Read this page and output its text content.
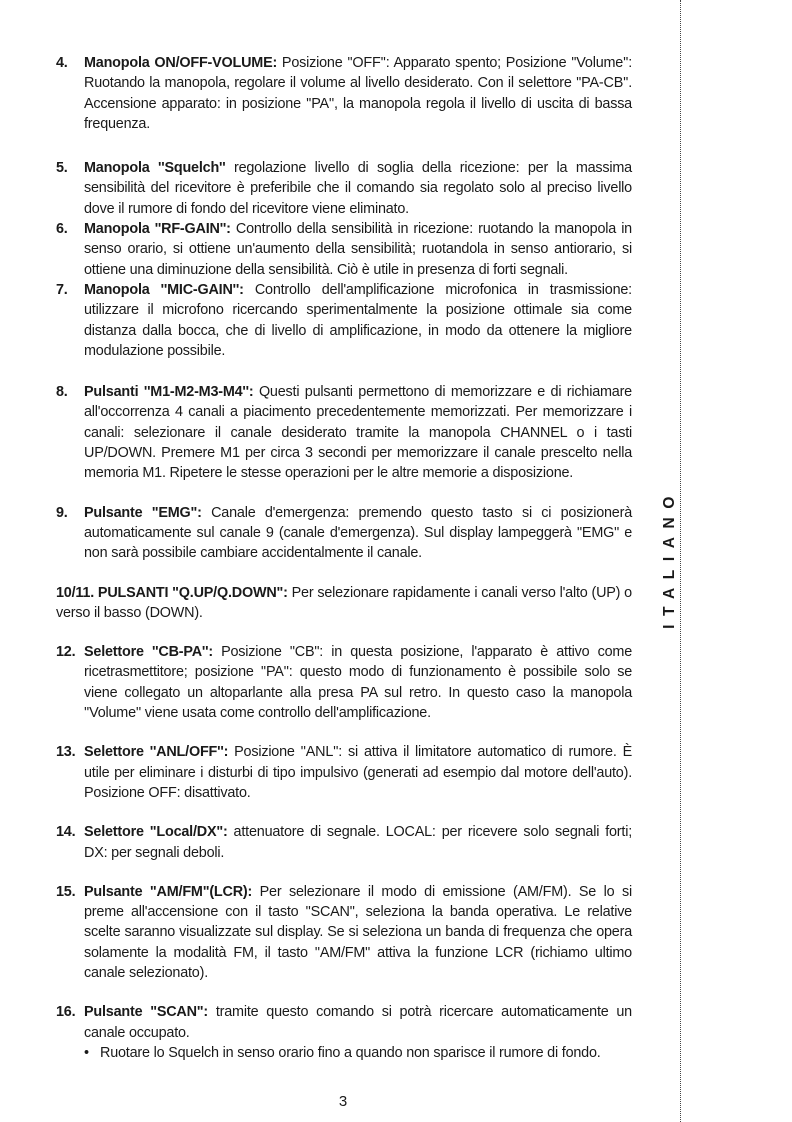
4. Manopola ON/OFF-VOLUME: Posizione ''OFF'': Apparato spento; Posizione ''Volume'': Ruotando la manopola, regolare il volume al livello desiderato. Con il selettore ''PA-CB''. Accensione apparato: in posizione ''PA'', la manopola regola il livello di uscita di bassa frequenza.
5. Manopola ''Squelch'' regolazione livello di soglia della ricezione: per la massima sensibilità del ricevitore è preferibile che il comando sia regolato solo al preciso livello dove il rumore di fondo del ricevitore viene eliminato.
6. Manopola ''RF-GAIN'': Controllo della sensibilità in ricezione: ruotando la manopola in senso orario, si ottiene un'aumento della sensibilità; ruotandola in senso antiorario, si ottiene una diminuzione della sensibilità. Ciò è utile in presenza di forti segnali.
7. Manopola ''MIC-GAIN'': Controllo dell'amplificazione microfonica in trasmissione: utilizzare il microfono ricercando sperimentalmente la posizione ottimale sia come distanza dalla bocca, che di livello di amplificazione, in modo da ottenere la migliore modulazione possibile.
8. Pulsanti ''M1-M2-M3-M4'': Questi pulsanti permettono di memorizzare e di richiamare all'occorrenza 4 canali a piacimento precedentemente memorizzati. Per memorizzare i canali: selezionare il canale desiderato tramite la manopola CHANNEL o i tasti UP/DOWN. Premere M1 per circa 3 secondi per memorizzare il canale prescelto nella memoria M1. Ripetere le stesse operazioni per le altre memorie a disposizione.
9. Pulsante "EMG": Canale d'emergenza: premendo questo tasto si ci posizionerà automaticamente sul canale 9 (canale d'emergenza). Sul display lampeggerà "EMG" e non sarà possibile cambiare accidentalmente il canale.
10/11. PULSANTI "Q.UP/Q.DOWN": Per selezionare rapidamente i canali verso l'alto (UP) o verso il basso (DOWN).
12. Selettore ''CB-PA'': Posizione "CB": in questa posizione, l'apparato è attivo come ricetrasmettitore; posizione ''PA'': questo modo di funzionamento è possibile solo se viene collegato un altoparlante alla presa PA sul retro. In questo caso la manopola ''Volume'' viene usata come controllo dell'amplificazione.
13. Selettore ''ANL/OFF'': Posizione ''ANL'': si attiva il limitatore automatico di rumore. È utile per eliminare i disturbi di tipo impulsivo (generati ad esempio dal motore dell'auto). Posizione OFF: disattivato.
14. Selettore "Local/DX": attenuatore di segnale. LOCAL: per ricevere solo segnali forti; DX: per segnali deboli.
15. Pulsante "AM/FM"(LCR): Per selezionare il modo di emissione (AM/FM). Se lo si preme all'accensione con il tasto "SCAN", seleziona la banda operativa. Le relative scelte saranno visualizzate sul display. Se si seleziona un banda di frequenza che opera solamente la modalità FM, il tasto "AM/FM" attiva la funzione LCR (richiamo ultimo canale selezionato).
16. Pulsante "SCAN": tramite questo comando si potrà ricercare automaticamente un canale occupato.
• Ruotare lo Squelch in senso orario fino a quando non sparisce il rumore di fondo.
ITALIANO
3
